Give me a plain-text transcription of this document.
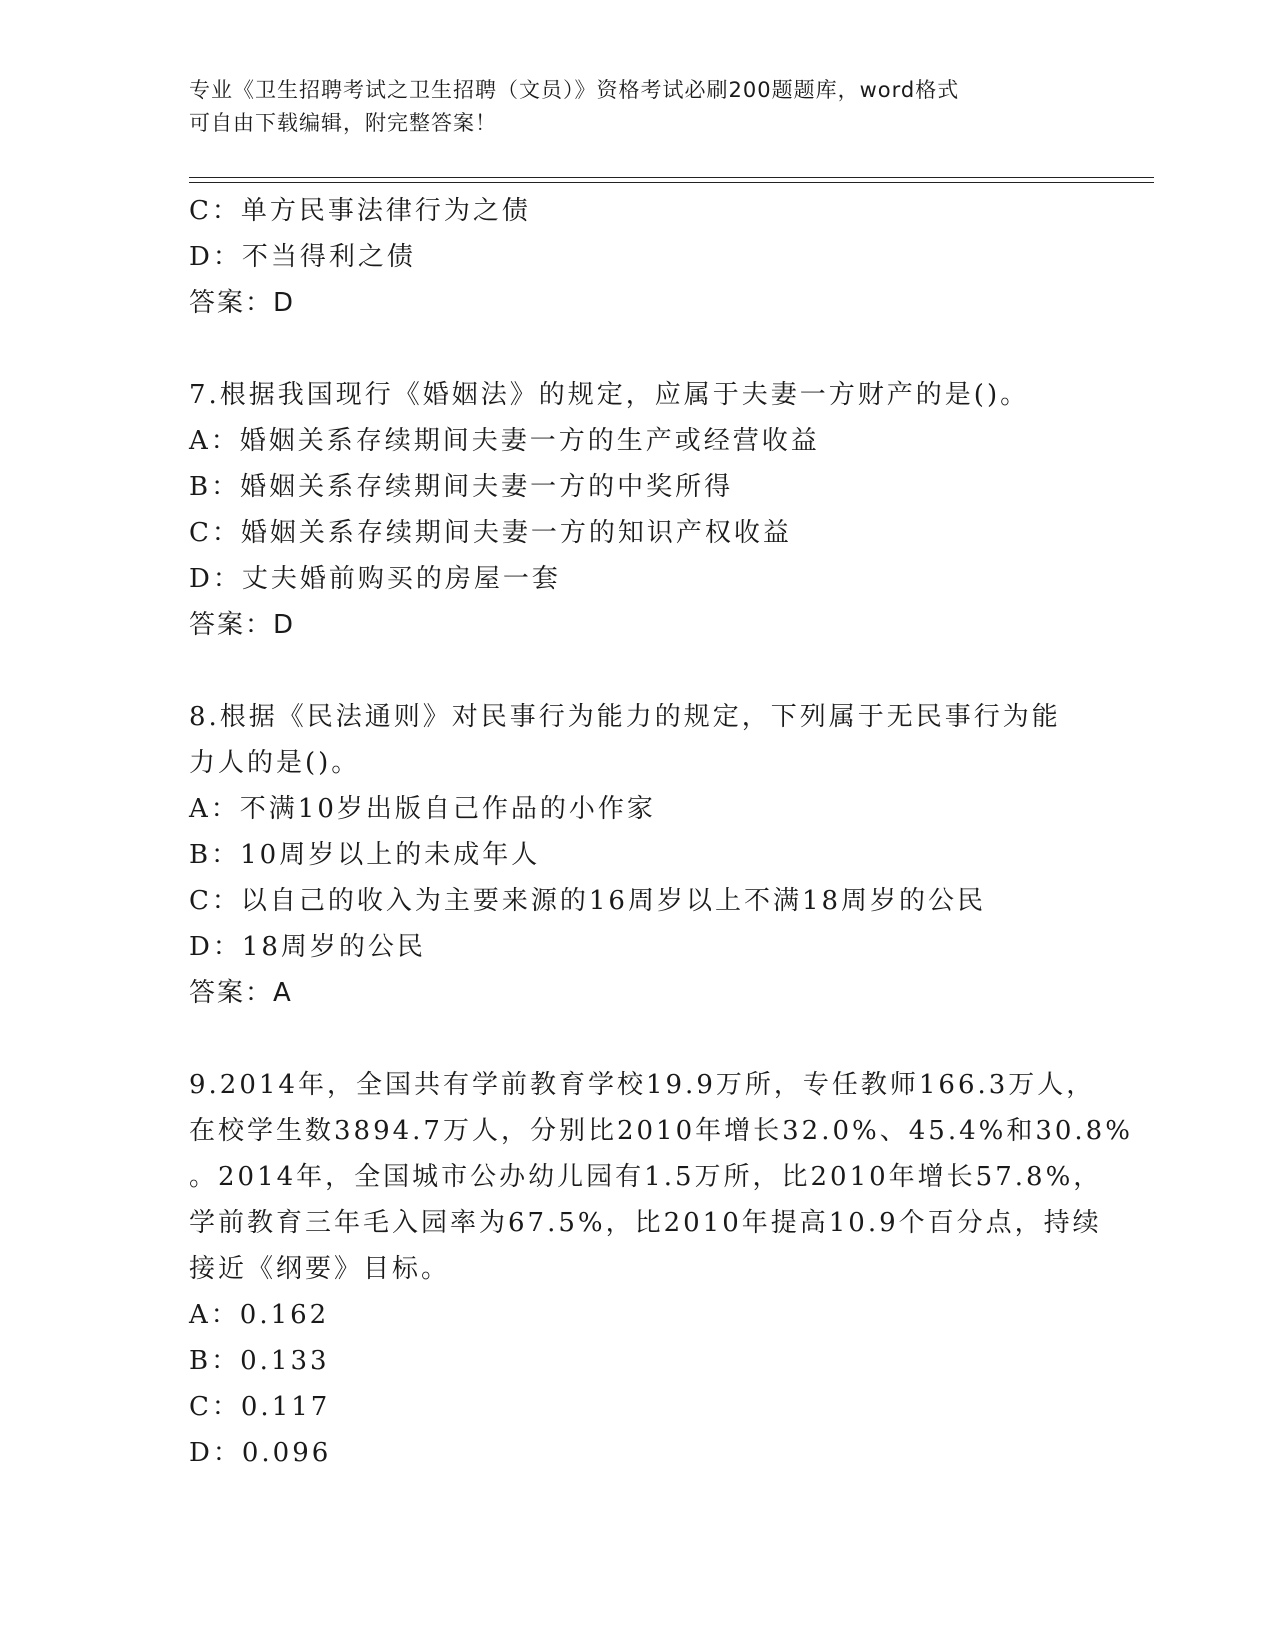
专业《卫生招聘考试之卫生招聘（文员）》资格考试必刷200题题库，word格式
可自由下载编辑，附完整答案！
C：单方民事法律行为之债
D：不当得利之债
答案：D
7.根据我国现行《婚姻法》的规定，应属于夫妻一方财产的是()。
A：婚姻关系存续期间夫妻一方的生产或经营收益
B：婚姻关系存续期间夫妻一方的中奖所得
C：婚姻关系存续期间夫妻一方的知识产权收益
D：丈夫婚前购买的房屋一套
答案：D
8.根据《民法通则》对民事行为能力的规定，下列属于无民事行为能
力人的是()。
A：不满10岁出版自己作品的小作家
B：10周岁以上的未成年人
C：以自己的收入为主要来源的16周岁以上不满18周岁的公民
D：18周岁的公民
答案：A
9.2014年，全国共有学前教育学校19.9万所，专任教师166.3万人，
在校学生数3894.7万人，分别比2010年增长32.0%、45.4%和30.8%
。2014年，全国城市公办幼儿园有1.5万所，比2010年增长57.8%，
学前教育三年毛入园率为67.5%，比2010年提高10.9个百分点，持续
接近《纲要》目标。
A：0.162
B：0.133
C：0.117
D：0.096
